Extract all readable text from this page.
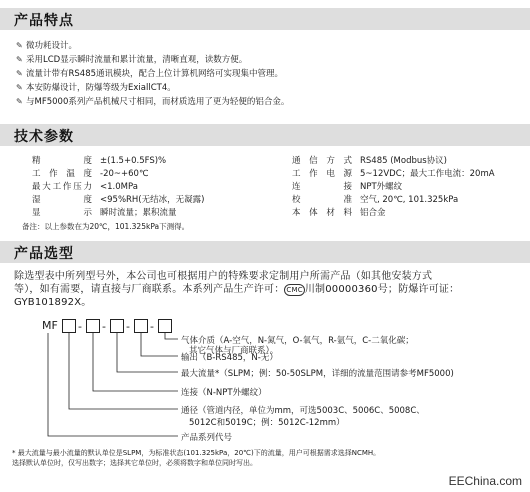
产品特点
✎ 微功耗设计。
✎ 采用LCD显示瞬时流量和累计流量，清晰直观，读数方便。
✎ 流量计带有RS485通讯模块，配合上位计算机网络可实现集中管理。
✎ 本安防爆设计，防爆等级为ExiallCT4。
✎ 与MF5000系列产品机械尺寸相同，而材质选用了更为轻便的铝合金。
技术参数
精度 ±(1.5+0.5FS)%
工作温度 -20~+60℃
最大工作压力 <1.0MPa
湿度 <95%RH(无结冰，无凝露)
显示 瞬时流量；累积流量
通信方式 RS485 (Modbus协议)
工作电源 5~12VDC；最大工作电流：20mA
连接 NPT外螺纹
校准 空气, 20℃, 101.325kPa
本体材料 铝合金
备注：以上参数在为20℃，101.325kPa下测得。
产品选型
除选型表中所列型号外，本公司也可根据用户的特殊要求定制用户所需产品（如其他安装方式
等），如有需要，请直接与厂商联系。本系列产品生产许可： CMC 川制00000360号；防爆许可证：
GYB101892X。
MF - - - -
气体介质（A-空气，N-氮气，O-氧气，R-氩气，C-二氧化碳；
其它气体与厂商联系）。
输出（B-RS485，N-无）
最大流量*（SLPM；例：50-50SLPM，详细的流量范围请参考MF5000)
连接（N-NPT外螺纹）
通径（管道内径，单位为mm，可选5003C、5006C、5008C、
5012C和5019C；例：5012C-12mm）
产品系列代号
* 最大流量与最小流量的默认单位是SLPM，为标准状态(101.325kPa，20℃)下的流量，用户可根据需求选择NCMH。
选择默认单位时，仅写出数字；选择其它单位时，必须将数字和单位同时写出。
EEChina.com
